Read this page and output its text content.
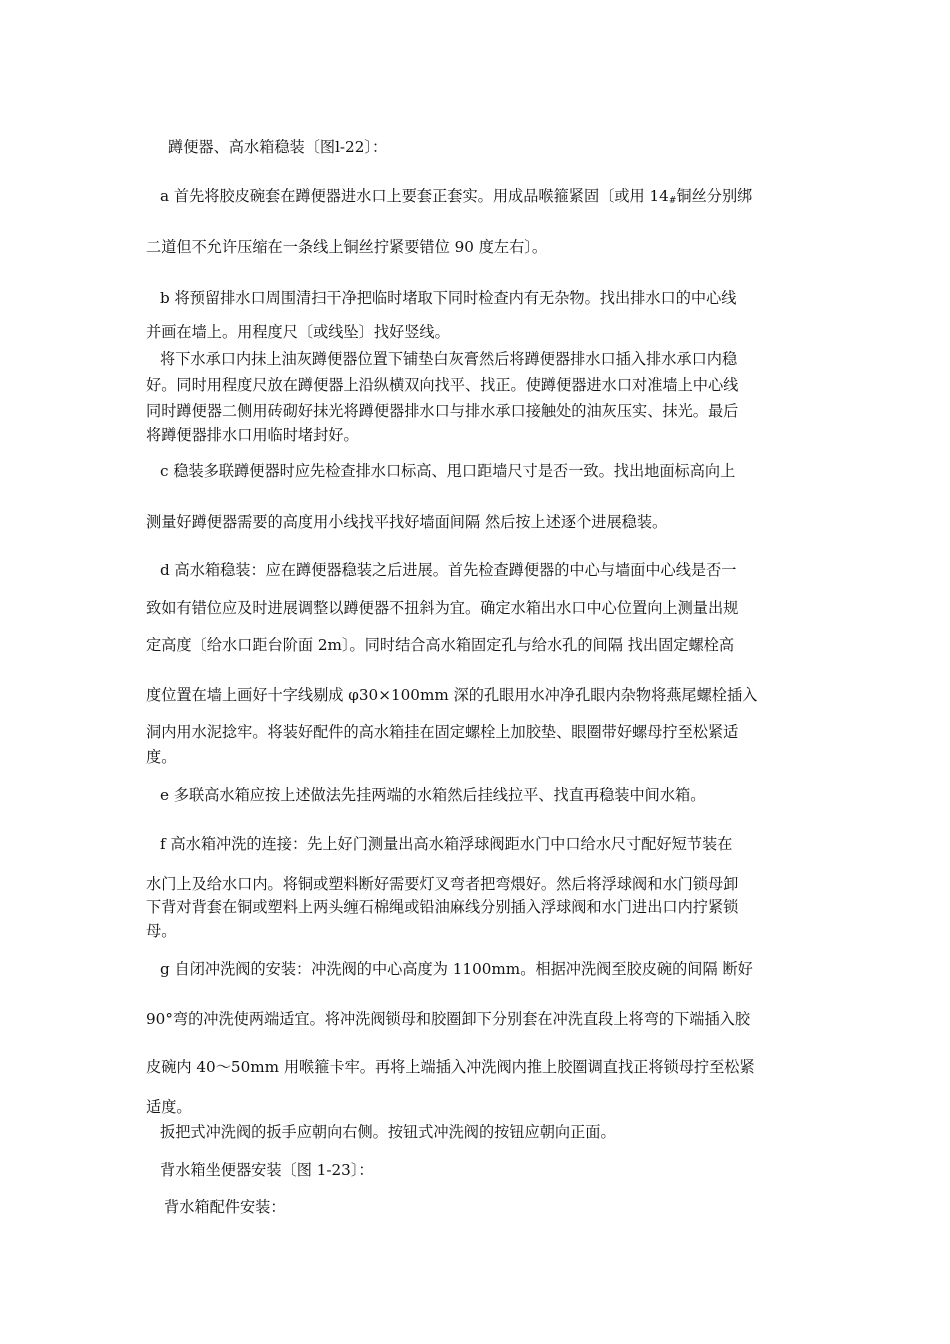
蹲便器、高水箱稳装〔图l-22〕：
a 首先将胶皮碗套在蹲便器进水口上要套正套实。用成品喉箍紧固〔或用 $14_{\#}$铜丝分别绑
二道但不允许压缩在一条线上铜丝拧紧要错位 90 度左右〕。
b 将预留排水口周围清扫干净把临时堵取下同时检查内有无杂物。找出排水口的中心线
并画在墙上。用程度尺〔或线坠〕找好竖线。
将下水承口内抹上油灰蹲便器位置下铺垫白灰膏然后将蹲便器排水口插入排水承口内稳
好。同时用程度尺放在蹲便器上沿纵横双向找平、找正。使蹲便器进水口对准墙上中心线
同时蹲便器二侧用砖砌好抹光将蹲便器排水口与排水承口接触处的油灰压实、抹光。最后
将蹲便器排水口用临时堵封好。
c 稳装多联蹲便器时应先检查排水口标高、甩口距墙尺寸是否一致。找出地面标高向上
测量好蹲便器需要的高度用小线找平找好墙面间隔 然后按上述逐个进展稳装。
d 高水箱稳装：应在蹲便器稳装之后进展。首先检查蹲便器的中心与墙面中心线是否一
致如有错位应及时进展调整以蹲便器不扭斜为宜。确定水箱出水口中心位置向上测量出规
定高度〔给水口距台阶面 2m〕。同时结合高水箱固定孔与给水孔的间隔 找出固定螺栓高
度位置在墙上画好十字线剔成 φ30×100mm 深的孔眼用水冲净孔眼内杂物将燕尾螺栓插入
洞内用水泥捻牢。将装好配件的高水箱挂在固定螺栓上加胶垫、眼圈带好螺母拧至松紧适
度。
e 多联高水箱应按上述做法先挂两端的水箱然后挂线拉平、找直再稳装中间水箱。
f 高水箱冲洗的连接：先上好门测量出高水箱浮球阀距水门中口给水尺寸配好短节装在
水门上及给水口内。将铜或塑料断好需要灯叉弯者把弯煨好。然后将浮球阀和水门锁母卸
下背对背套在铜或塑料上两头缠石棉绳或铅油麻线分别插入浮球阀和水门进出口内拧紧锁
母。
g 自闭冲洗阀的安装：冲洗阀的中心高度为 1100mm。相据冲洗阀至胶皮碗的间隔 断好
90°弯的冲洗使两端适宜。将冲洗阀锁母和胶圈卸下分别套在冲洗直段上将弯的下端插入胶
皮碗内 40～50mm 用喉箍卡牢。再将上端插入冲洗阀内推上胶圈调直找正将锁母拧至松紧
适度。
扳把式冲洗阀的扳手应朝向右侧。按钮式冲洗阀的按钮应朝向正面。
背水箱坐便器安装〔图 1-23〕：
背水箱配件安装：
